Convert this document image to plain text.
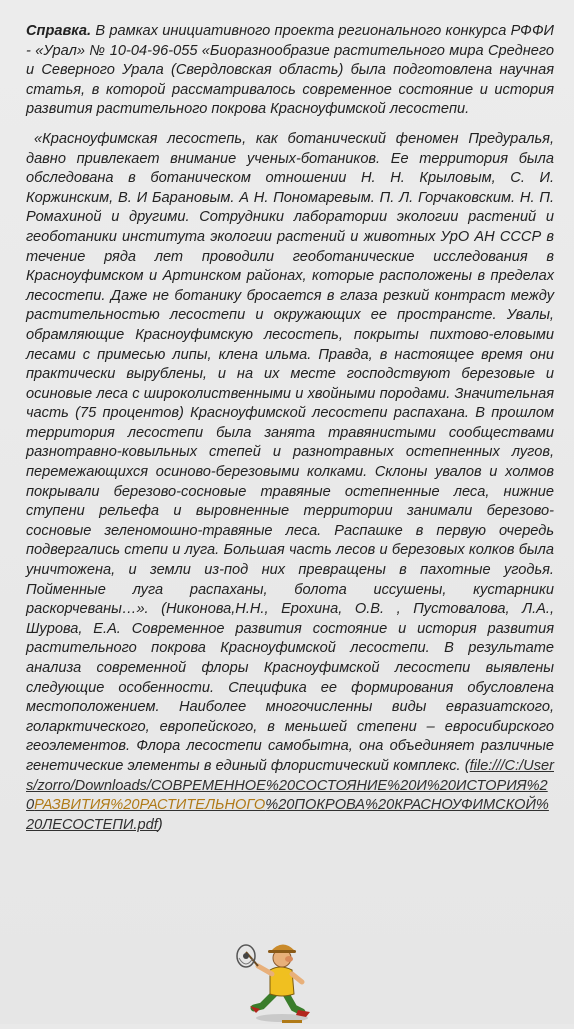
Справка. В рамках инициативного проекта регионального конкурса РФФИ - «Урал» № 10-04-96-055 «Биоразнообразие растительного мира Среднего и Северного Урала (Свердловская область) была подготовлена научная статья, в которой рассматривалось современное состояние и история развития растительного покрова Красноуфимской лесостепи.

«Красноуфимская лесостепь, как ботанический феномен Предуралья, давно привлекает внимание ученых-ботаников. Ее территория была обследована в ботаническом отношении Н. Н. Крыловым, С. И. Коржинским, В. И Барановым. А Н. Пономаревым. П. Л. Горчаковским. Н. П. Ромахиной и другими. Сотрудники лаборатории экологии растений и геоботаники института экологии растений и животных УрО АН СССР в течение ряда лет проводили геоботанические исследования в Красноуфимском и Артинском районах, которые расположены в пределах лесостепи. Даже не ботанику бросается в глаза резкий контраст между растительностью лесостепи и окружающих ее пространсте. Увалы, обрамляющие Красноуфимскую лесостепь, покрыты пихтово-еловыми лесами с примесью липы, клена ильма. Правда, в настоящее время они практически вырублены, и на их месте господствуют березовые и осиновые леса с широколиственными и хвойными породами. Значительная часть (75 процентов) Красноуфимской лесостепи распахана. В прошлом территория лесостепи была занята травянистыми сообществами разнотравно-ковыльных степей и разнотравных остепненных лугов, перемежающихся осиново-березовыми колками. Склоны увалов и холмов покрывали березово-сосновые травяные остепненные леса, нижние ступени рельефа и выровненные территории занимали березово-сосновые зеленомошно-травяные леса. Распашке в первую очередь подвергались степи и луга. Большая часть лесов и березовых колков была уничтожена, и земли из-под них превращены в пахотные угодья. Пойменные луга распаханы, болота иссушены, кустарники раскорчеваны…». (Никонова,Н.Н., Ерохина, О.В. , Пустовалова, Л.А., Шурова, Е.А. Современное развития состояние и история развития растительного покрова Красноуфимской лесостепи. В результате анализа современной флоры Красноуфимской лесостепи выявлены следующие особенности. Специфика ее формирования обусловлена местоположением. Наиболее многочисленны виды евразиатского, голарктического, европейского, в меньшей степени – евросибирского геоэлементов. Флора лесостепи самобытна, она объединяет различные генетические элементы в единый флористический комплекс. (file:///C:/Users/zorro/Downloads/СОВРЕМЕННОЕ%20СОСТОЯНИЕ%20И%20ИСТОРИЯ%20РАЗВИТИЯ%20РАСТИТЕЛЬНОГО%20ПОКРОВА%20КРАСНОУФИМСКОЙ%20ЛЕСОСТЕПИ.pdf)
